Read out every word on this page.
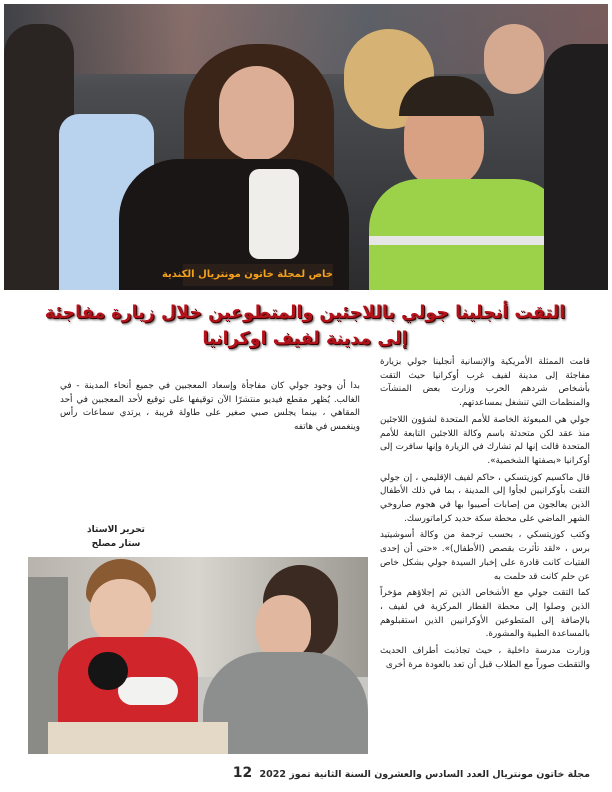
خاص لمجلة خاتون مونتريال الكندية
التقت أنجلينا جولي باللاجئين والمتطوعين خلال زيارة مفاجئة إلى مدينة لفيف اوكرانيا

قامت الممثلة الأمريكية والإنسانية أنجلينا جولي بزيارة مفاجئة إلى مدينة لفيف غرب أوكرانيا حيث التقت بأشخاص شردهم الحرب وزارت بعض المنشآت والمنظمات التي تنشغل بمساعدتهم.

جولي هي المبعوثة الخاصة للأمم المتحدة لشؤون اللاجئين منذ عقد لكن متحدثة باسم وكالة اللاجئين التابعة للأمم المتحدة قالت إنها لم تشارك في الزيارة وإنها سافرت إلى أوكرانيا «بصفتها الشخصية».

قال ماكسيم كوزيتسكي ، حاكم لفيف الإقليمي ، إن جولي التقت بأوكرانيين لجأوا إلى المدينة ، بما في ذلك الأطفال الذين يعالجون من إصابات أصيبوا بها في هجوم صاروخي الشهر الماضي على محطة سكة حديد كراماتورسك.

وكتب كوزيتسكي ، بحسب ترجمة من وكالة أسوشيتيد برس ، «لقد تأثرت بقصص (الأطفال)». «حتى أن إحدى الفتيات كانت قادرة على إخبار السيدة جولي بشكل خاص عن حلم كانت قد حلمت به

كما التقت جولي مع الأشخاص الذين تم إجلاؤهم مؤخراً الذين وصلوا إلى محطة القطار المركزية في لفيف ، بالإضافة إلى المتطوعين الأوكرانيين الذين استقبلوهم بالمساعدة الطبية والمشورة.

وزارت مدرسة داخلية ، حيث تجاذبت أطراف الحديث والتقطت صوراً مع الطلاب قبل أن تعد بالعودة مرة أخرى

بدا أن وجود جولي كان مفاجأة وإسعاد المعجبين في جميع أنحاء المدينة - في الغالب. يُظهر مقطع فيديو منتشرًا الآن توقيفها على توقيع لأحد المعجبين في أحد المقاهي ، بينما يجلس صبي صغير على طاولة قريبة ، يرتدي سماعات رأس وينغمس في هاتفه
تحرير الاستاذ
ستار مصلح
مجلة خاتون مونتريال العدد السادس والعشرون السنة الثانية تموز 2022 12
